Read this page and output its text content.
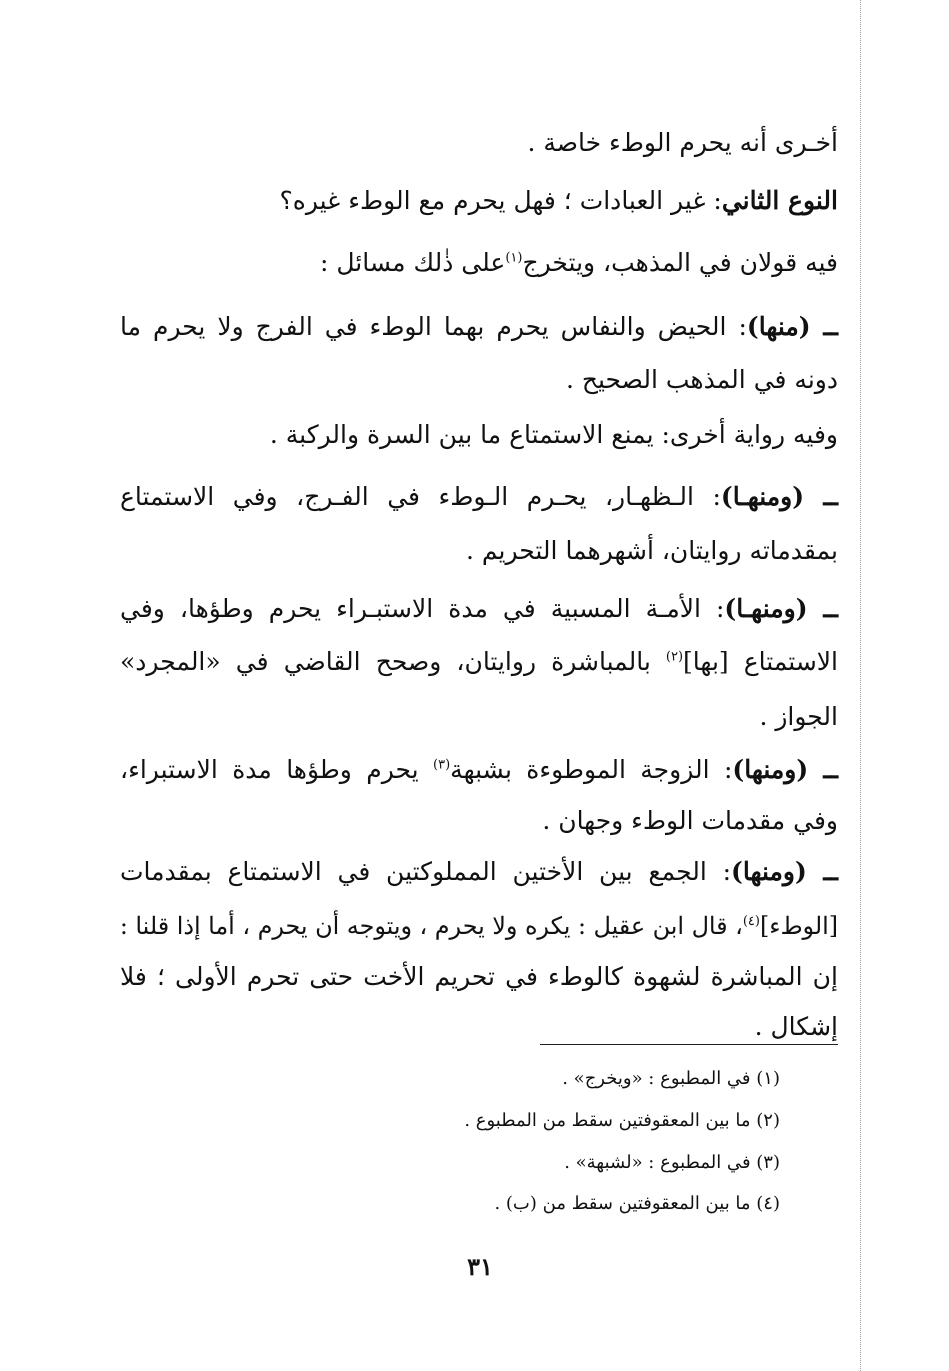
أخـرى أنه يحرم الوطء خاصة .
النوع الثاني: غير العبادات ؛ فهل يحرم مع الوطء غيره؟
فيه قولان في المذهب، ويتخرج$^{(١)}$على ذٰلك مسائل :
ــ (منها): الحيض والنفاس يحرم بهما الوطء في الفرج ولا يحرم ما
دونه في المذهب الصحيح .
وفيه رواية أخرى: يمنع الاستمتاع ما بين السرة والركبة .
ــ (ومنهـا): الـظهـار، يحـرم الـوطء في الفـرج، وفي الاستمتاع
بمقدماته روايتان، أشهرهما التحريم .
ــ (ومنهـا): الأمـة المسبية في مدة الاستبـراء يحرم وطؤها، وفي
الاستمتاع [بها]$^{(٢)}$ بالمباشرة روايتان، وصحح القاضي في «المجرد»
الجواز .
ــ (ومنها): الزوجة الموطوءة بشبهة$^{(٣)}$ يحرم وطؤها مدة الاستبراء،
وفي مقدمات الوطء وجهان .
ــ (ومنها): الجمع بين الأختين المملوكتين في الاستمتاع بمقدمات
[الوطء]$^{(٤)}$، قال ابن عقيل : يكره ولا يحرم ، ويتوجه أن يحرم ، أما إذا قلنا :
إن المباشرة لشهوة كالوطء في تحريم الأخت حتى تحرم الأولى ؛ فلا
إشكال .
(١) في المطبوع : «ويخرج» .
(٢) ما بين المعقوفتين سقط من المطبوع .
(٣) في المطبوع : «لشبهة» .
(٤) ما بين المعقوفتين سقط من (ب) .
٣١
